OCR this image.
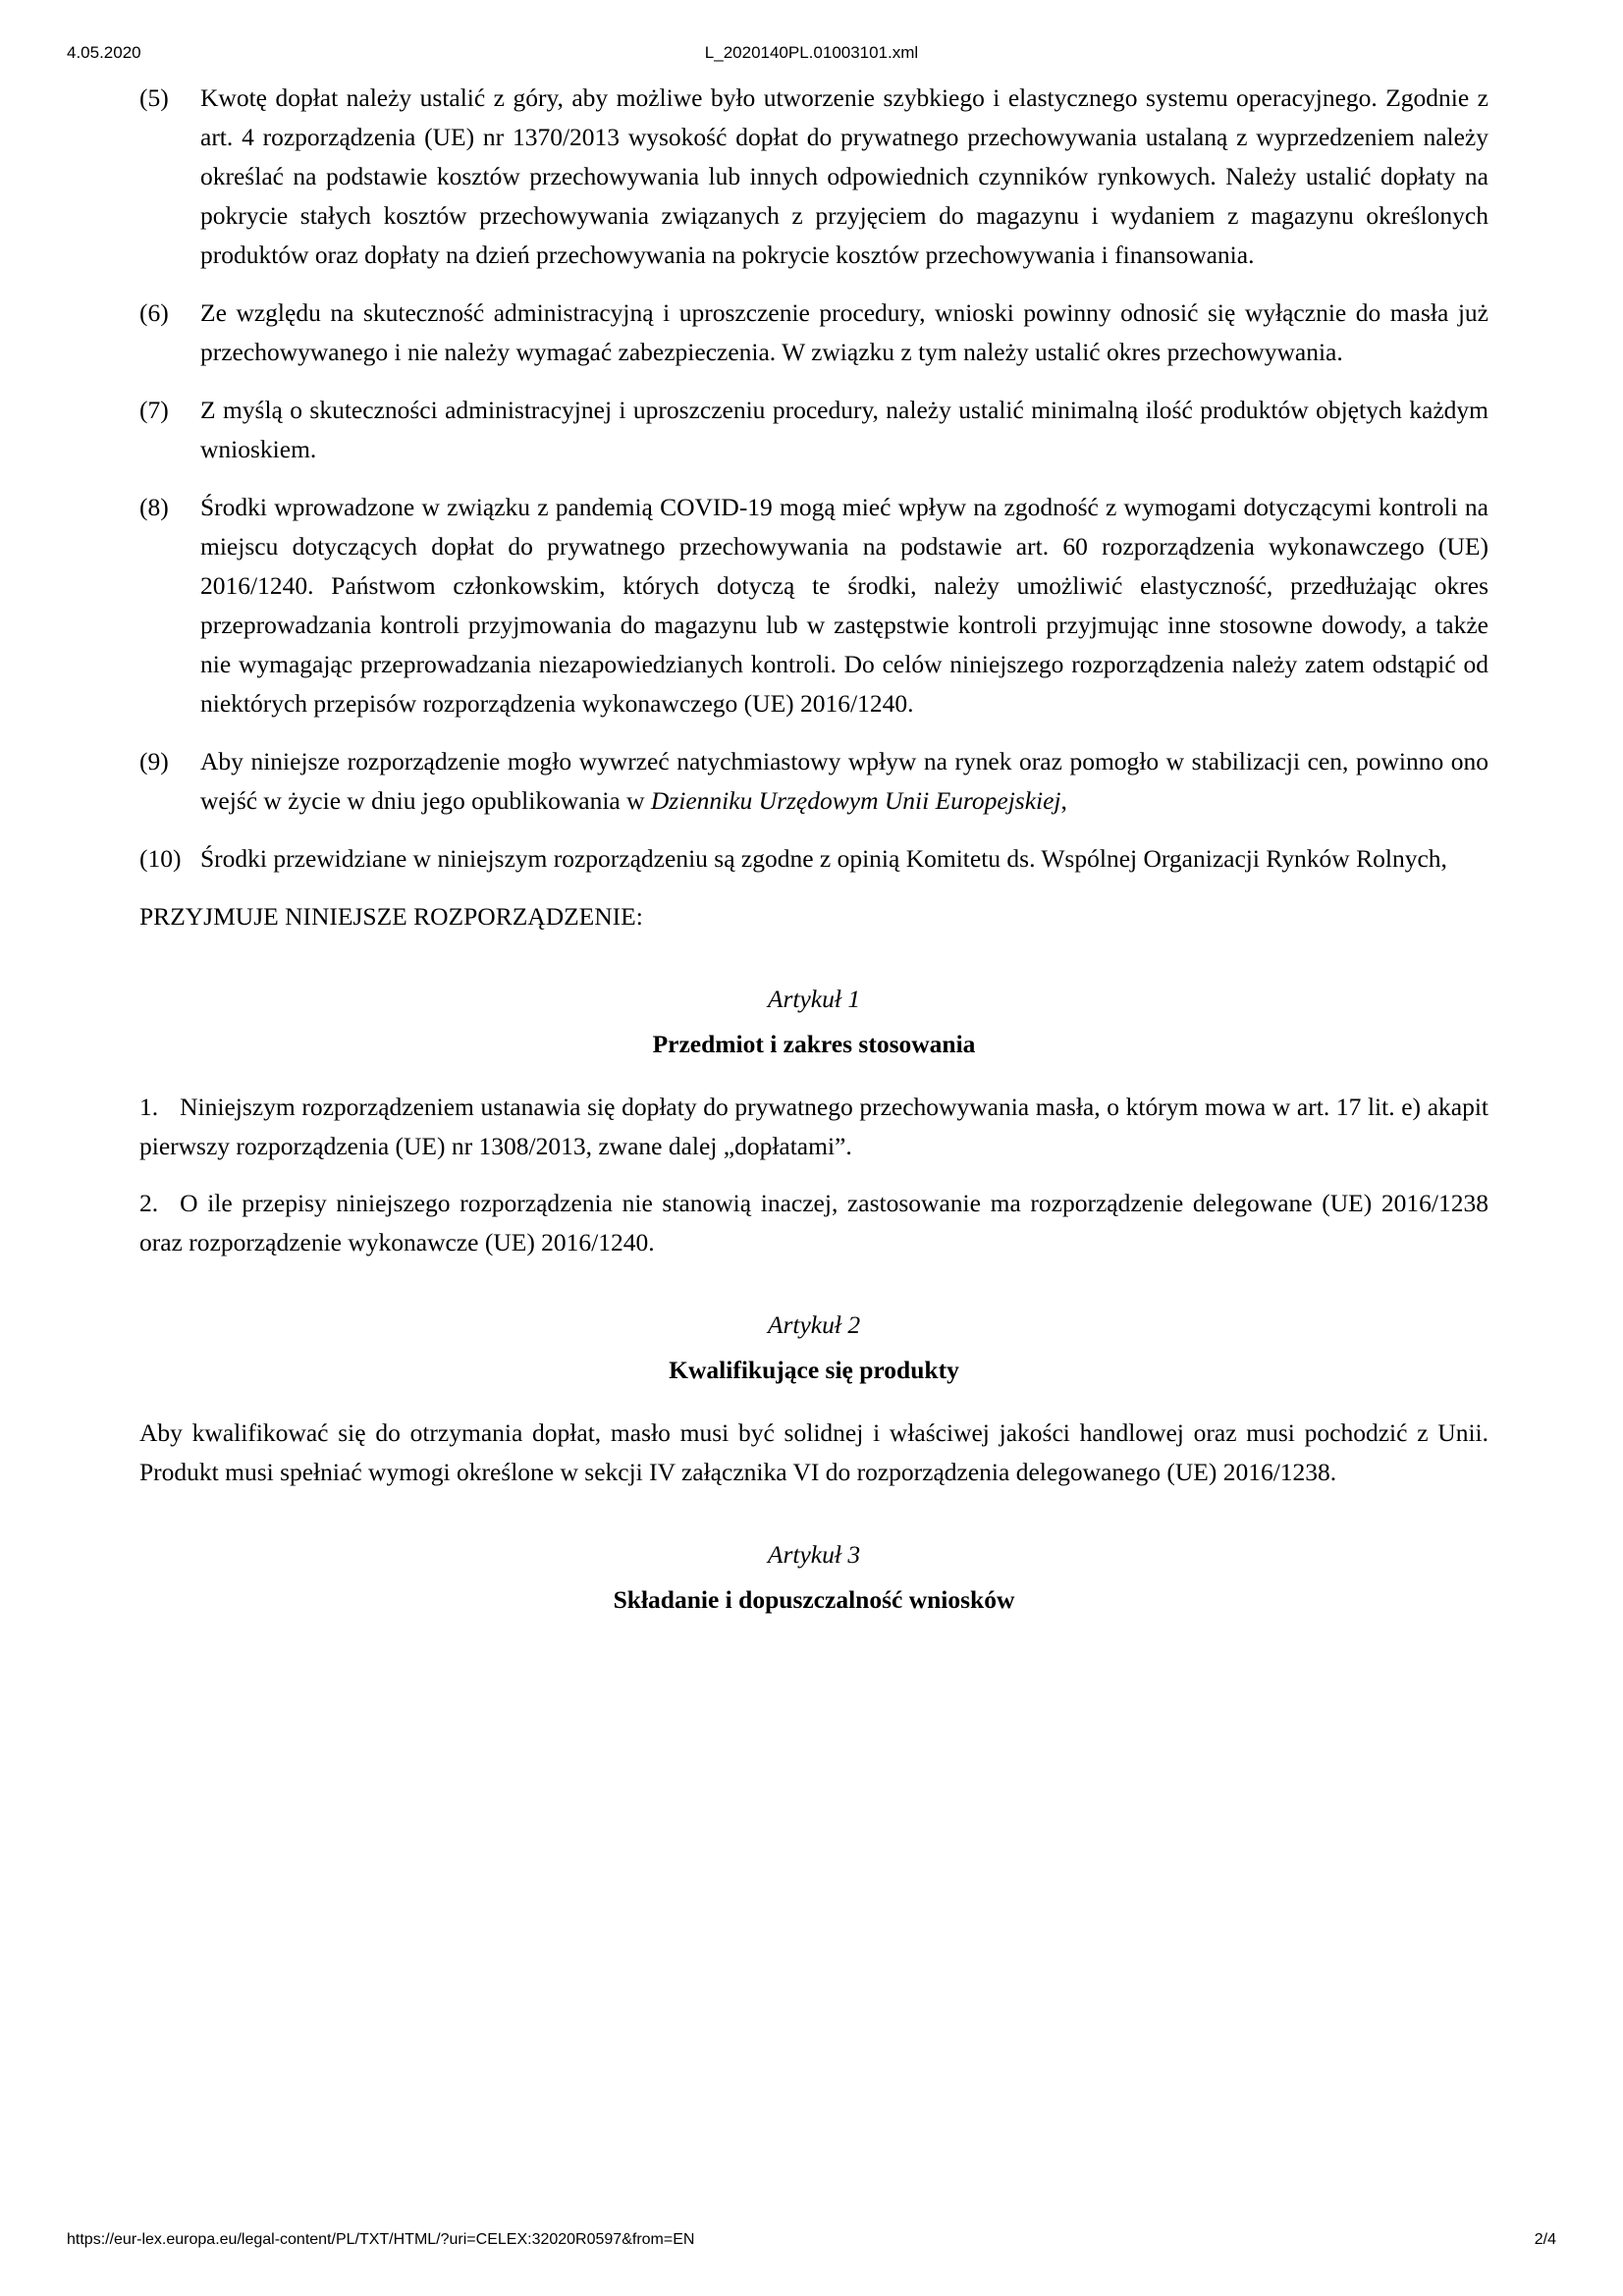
4.05.2020	L_2020140PL.01003101.xml
(5)	Kwotę dopłat należy ustalić z góry, aby możliwe było utworzenie szybkiego i elastycznego systemu operacyjnego. Zgodnie z art. 4 rozporządzenia (UE) nr 1370/2013 wysokość dopłat do prywatnego przechowywania ustalaną z wyprzedzeniem należy określać na podstawie kosztów przechowywania lub innych odpowiednich czynników rynkowych. Należy ustalić dopłaty na pokrycie stałych kosztów przechowywania związanych z przyjęciem do magazynu i wydaniem z magazynu określonych produktów oraz dopłaty na dzień przechowywania na pokrycie kosztów przechowywania i finansowania.
(6)	Ze względu na skuteczność administracyjną i uproszczenie procedury, wnioski powinny odnosić się wyłącznie do masła już przechowywanego i nie należy wymagać zabezpieczenia. W związku z tym należy ustalić okres przechowywania.
(7)	Z myślą o skuteczności administracyjnej i uproszczeniu procedury, należy ustalić minimalną ilość produktów objętych każdym wnioskiem.
(8)	Środki wprowadzone w związku z pandemią COVID-19 mogą mieć wpływ na zgodność z wymogami dotyczącymi kontroli na miejscu dotyczących dopłat do prywatnego przechowywania na podstawie art. 60 rozporządzenia wykonawczego (UE) 2016/1240. Państwom członkowskim, których dotyczą te środki, należy umożliwić elastyczność, przedłużając okres przeprowadzania kontroli przyjmowania do magazynu lub w zastępstwie kontroli przyjmując inne stosowne dowody, a także nie wymagając przeprowadzania niezapowiedzianych kontroli. Do celów niniejszego rozporządzenia należy zatem odstąpić od niektórych przepisów rozporządzenia wykonawczego (UE) 2016/1240.
(9)	Aby niniejsze rozporządzenie mogło wywrzeć natychmiastowy wpływ na rynek oraz pomogło w stabilizacji cen, powinno ono wejść w życie w dniu jego opublikowania w Dzienniku Urzędowym Unii Europejskiej,
(10) Środki przewidziane w niniejszym rozporządzeniu są zgodne z opinią Komitetu ds. Wspólnej Organizacji Rynków Rolnych,
PRZYJMUJE NINIEJSZE ROZPORZĄDZENIE:
Artykuł 1
Przedmiot i zakres stosowania
1. Niniejszym rozporządzeniem ustanawia się dopłaty do prywatnego przechowywania masła, o którym mowa w art. 17 lit. e) akapit pierwszy rozporządzenia (UE) nr 1308/2013, zwane dalej „dopłatami”.
2. O ile przepisy niniejszego rozporządzenia nie stanowią inaczej, zastosowanie ma rozporządzenie delegowane (UE) 2016/1238 oraz rozporządzenie wykonawcze (UE) 2016/1240.
Artykuł 2
Kwalifikujące się produkty
Aby kwalifikować się do otrzymania dopłat, masło musi być solidnej i właściwej jakości handlowej oraz musi pochodzić z Unii. Produkt musi spełniać wymogi określone w sekcji IV załącznika VI do rozporządzenia delegowanego (UE) 2016/1238.
Artykuł 3
Składanie i dopuszczalność wniosków
https://eur-lex.europa.eu/legal-content/PL/TXT/HTML/?uri=CELEX:32020R0597&from=EN	2/4
